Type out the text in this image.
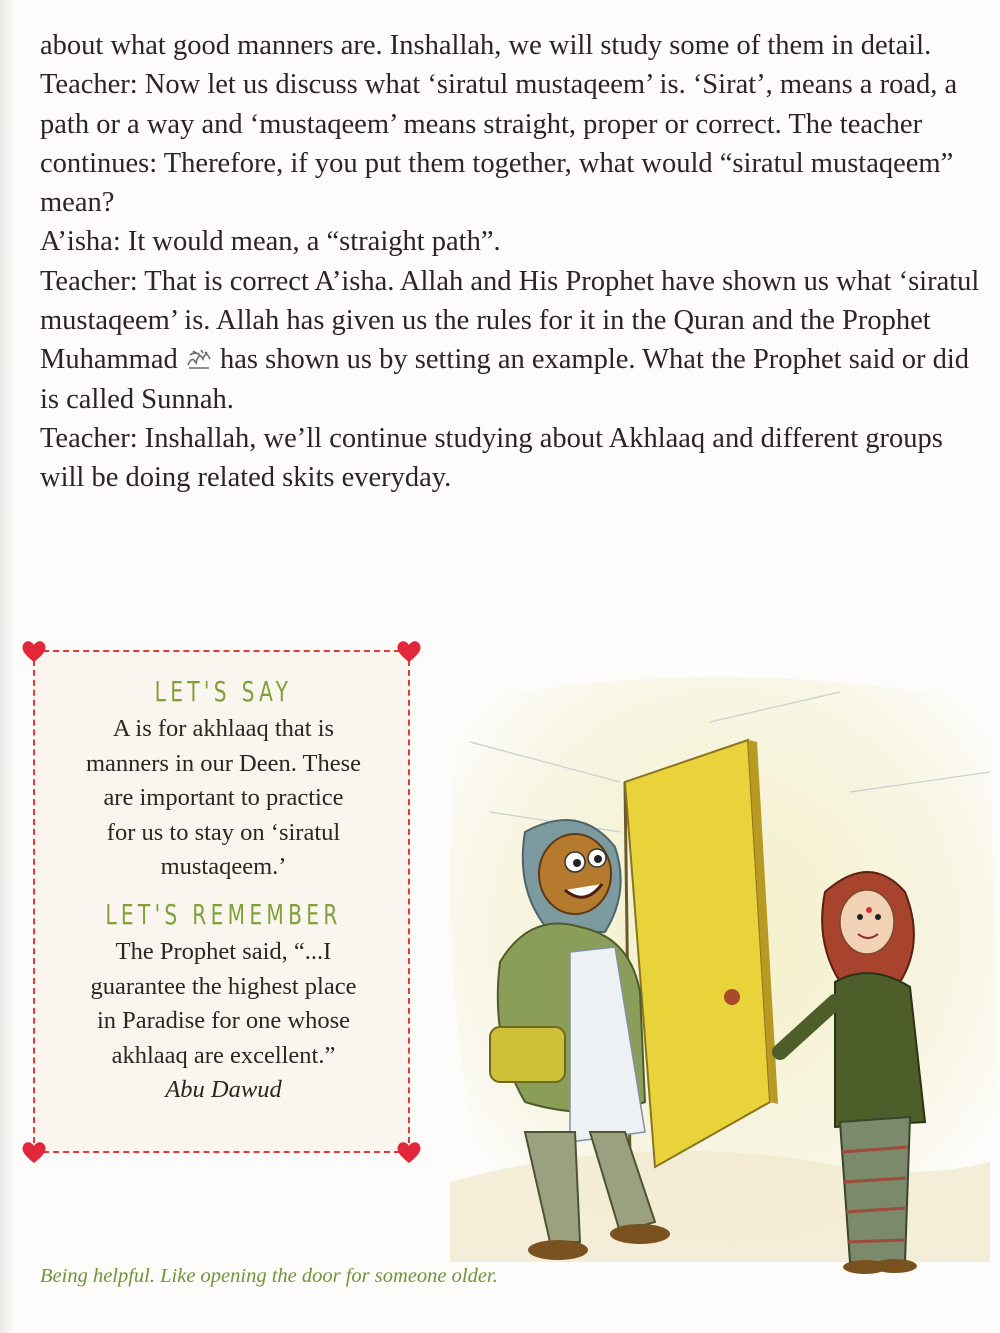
about what good manners are. Inshallah, we will study some of them in detail.

Teacher: Now let us discuss what ‘siratul mustaqeem’ is. ‘Sirat’, means a road, a path or a way and ‘mustaqeem’ means straight, proper or correct. The teacher continues: Therefore, if you put them together, what would “siratul mustaqeem” mean?

A’isha: It would mean, a “straight path”.

Teacher: That is correct A’isha. Allah and His Prophet have shown us what ‘siratul mustaqeem’ is. Allah has given us the rules for it in the Quran and the Prophet Muhammad has shown us by setting an example. What the Prophet said or did is called Sunnah.

Teacher: Inshallah, we’ll continue studying about Akhlaaq and different groups will be doing related skits everyday.

LET'S SAY
A is for akhlaaq that is
manners in our Deen. These
are important to practice
for us to stay on ‘siratul
mustaqeem.’
LET'S REMEMBER
The Prophet said, “...I
guarantee the highest place
in Paradise for one whose
akhlaaq are excellent.”
Abu Dawud

Being helpful. Like opening the door for someone older.
